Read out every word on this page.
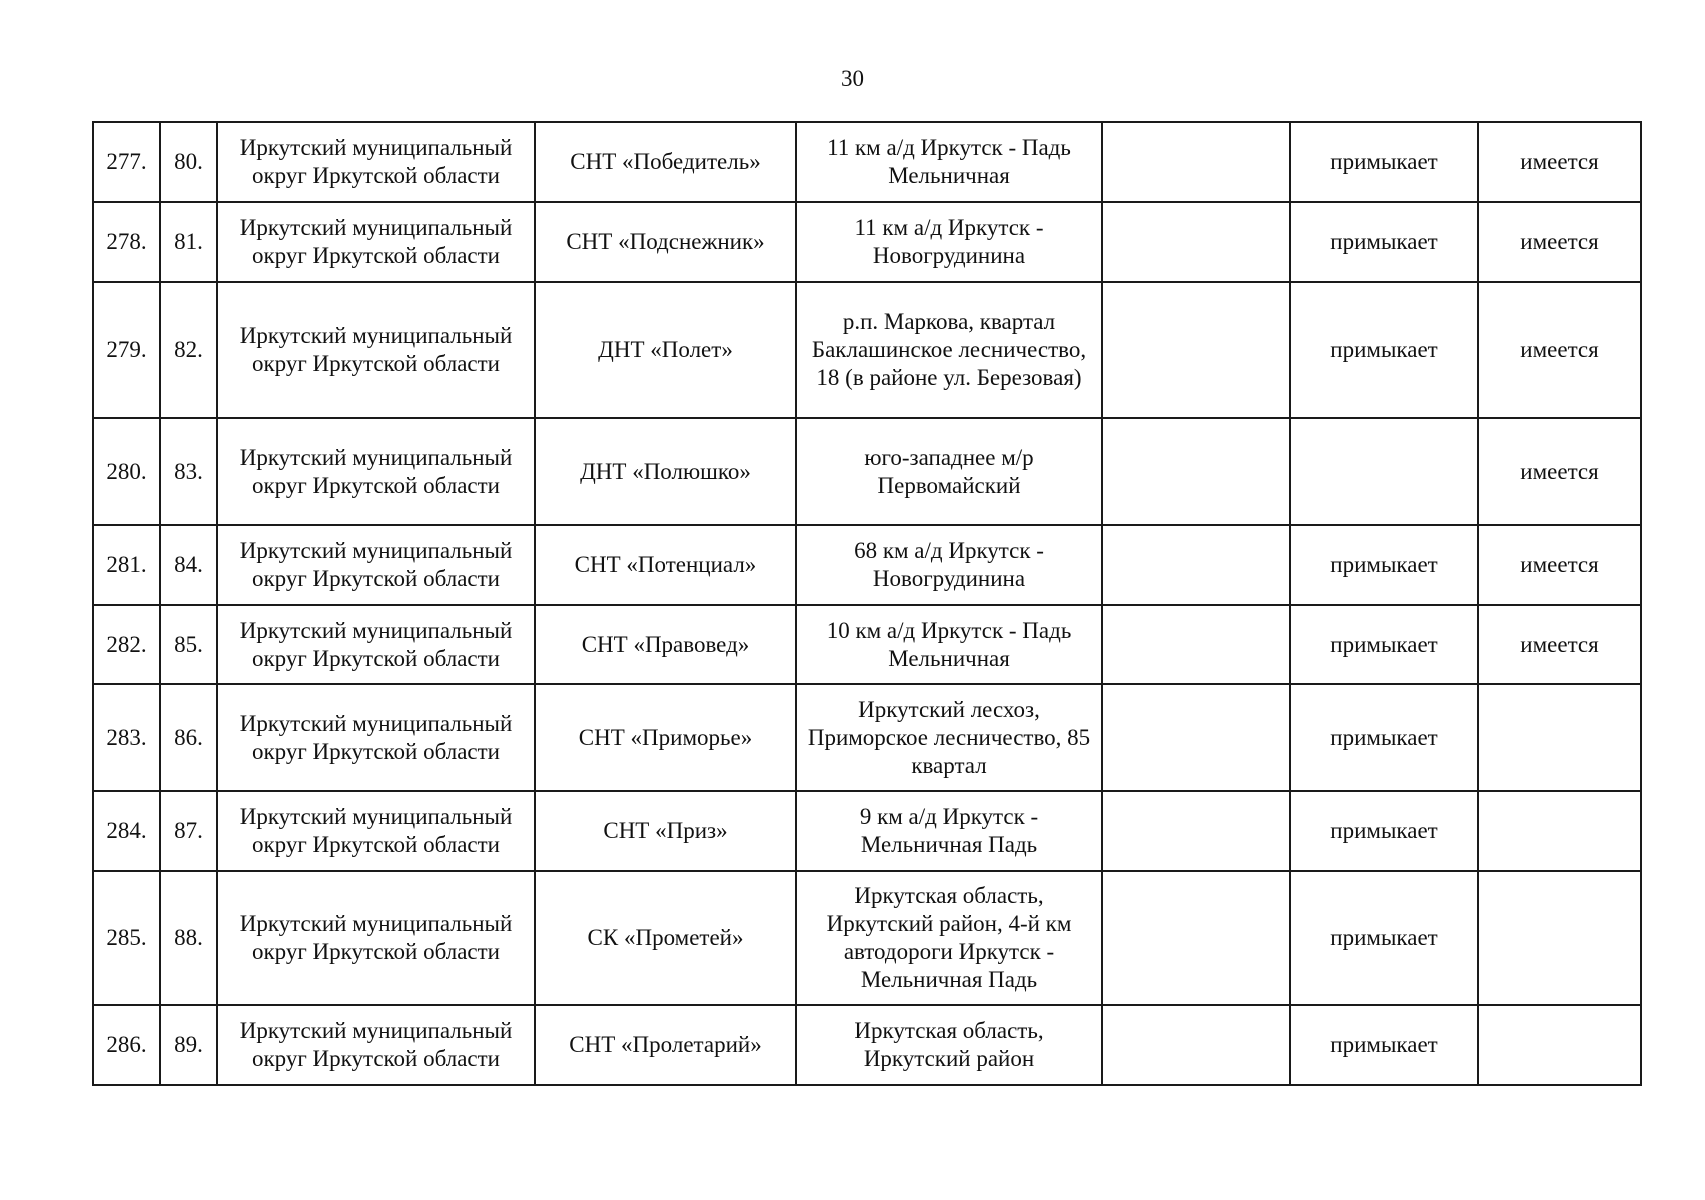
30
277.	80.	Иркутский муниципальный округ Иркутской области	СНТ «Победитель»	11 км а/д Иркутск - Падь Мельничная		примыкает	имеется
278.	81.	Иркутский муниципальный округ Иркутской области	СНТ «Подснежник»	11 км а/д Иркутск - Новогрудинина		примыкает	имеется
279.	82.	Иркутский муниципальный округ Иркутской области	ДНТ «Полет»	р.п. Маркова, квартал Баклашинское лесничество, 18 (в районе ул. Березовая)		примыкает	имеется
280.	83.	Иркутский муниципальный округ Иркутской области	ДНТ «Полюшко»	юго-западнее м/р Первомайский			имеется
281.	84.	Иркутский муниципальный округ Иркутской области	СНТ «Потенциал»	68 км а/д Иркутск - Новогрудинина		примыкает	имеется
282.	85.	Иркутский муниципальный округ Иркутской области	СНТ «Правовед»	10 км а/д Иркутск - Падь Мельничная		примыкает	имеется
283.	86.	Иркутский муниципальный округ Иркутской области	СНТ «Приморье»	Иркутский лесхоз, Приморское лесничество, 85 квартал		примыкает	
284.	87.	Иркутский муниципальный округ Иркутской области	СНТ «Приз»	9 км а/д Иркутск - Мельничная Падь		примыкает	
285.	88.	Иркутский муниципальный округ Иркутской области	СК «Прометей»	Иркутская область, Иркутский район, 4-й км автодороги Иркутск - Мельничная Падь		примыкает	
286.	89.	Иркутский муниципальный округ Иркутской области	СНТ «Пролетарий»	Иркутская область, Иркутский район		примыкает	
